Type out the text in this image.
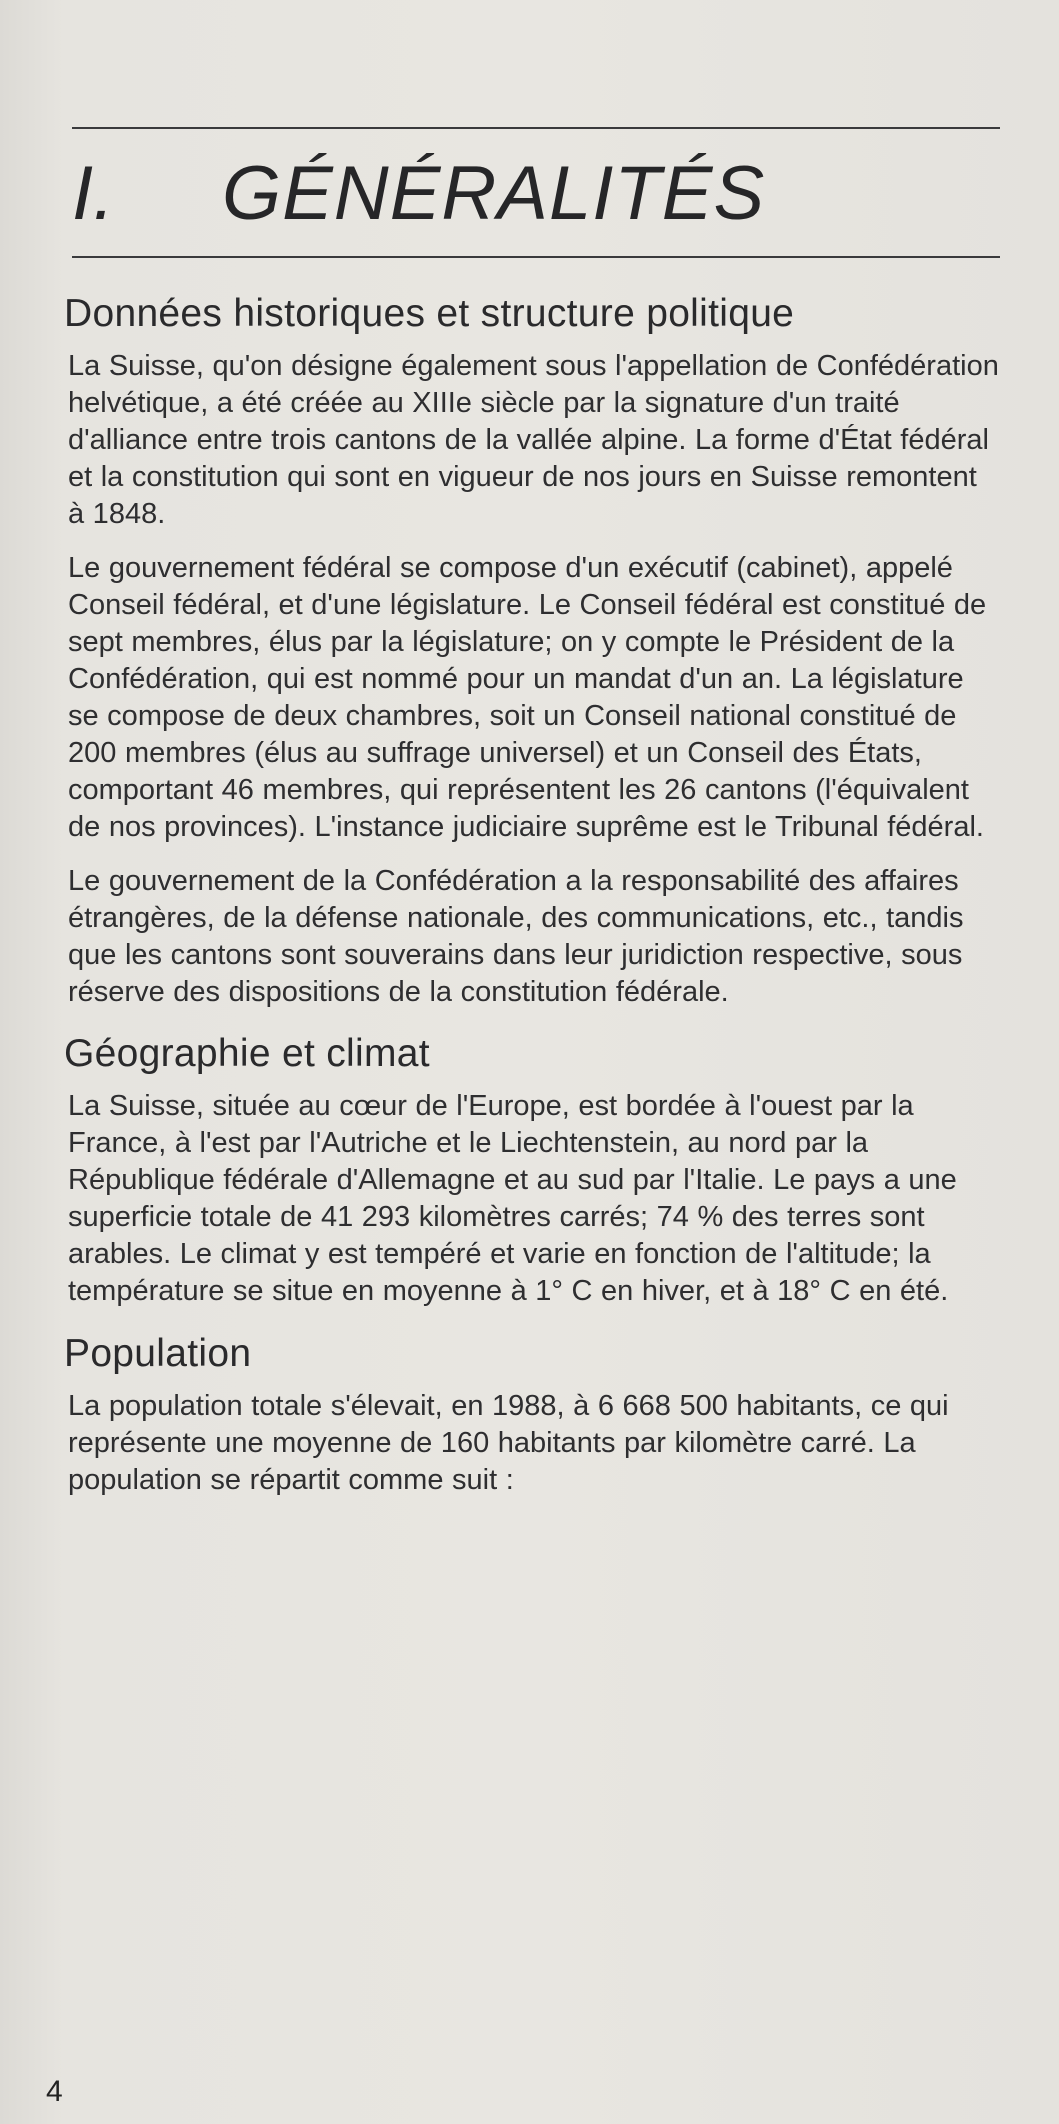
I. GÉNÉRALITÉS
Données historiques et structure politique

La Suisse, qu'on désigne également sous l'appellation de Confédération helvétique, a été créée au XIIIe siècle par la signature d'un traité d'alliance entre trois cantons de la vallée alpine. La forme d'État fédéral et la constitution qui sont en vigueur de nos jours en Suisse remontent à 1848.

Le gouvernement fédéral se compose d'un exécutif (cabinet), appelé Conseil fédéral, et d'une législature. Le Conseil fédéral est constitué de sept membres, élus par la législature; on y compte le Président de la Confédération, qui est nommé pour un mandat d'un an. La législature se compose de deux chambres, soit un Conseil national constitué de 200 membres (élus au suffrage universel) et un Conseil des États, comportant 46 membres, qui représentent les 26 cantons (l'équivalent de nos provinces). L'instance judiciaire suprême est le Tribunal fédéral.

Le gouvernement de la Confédération a la responsabilité des affaires étrangères, de la défense nationale, des communications, etc., tandis que les cantons sont souverains dans leur juridiction respective, sous réserve des dispositions de la constitution fédérale.

Géographie et climat

La Suisse, située au cœur de l'Europe, est bordée à l'ouest par la France, à l'est par l'Autriche et le Liechtenstein, au nord par la République fédérale d'Allemagne et au sud par l'Italie. Le pays a une superficie totale de 41 293 kilomètres carrés; 74 % des terres sont arables. Le climat y est tempéré et varie en fonction de l'altitude; la température se situe en moyenne à 1° C en hiver, et à 18° C en été.

Population

La population totale s'élevait, en 1988, à 6 668 500 habitants, ce qui représente une moyenne de 160 habitants par kilomètre carré. La population se répartit comme suit :

4
